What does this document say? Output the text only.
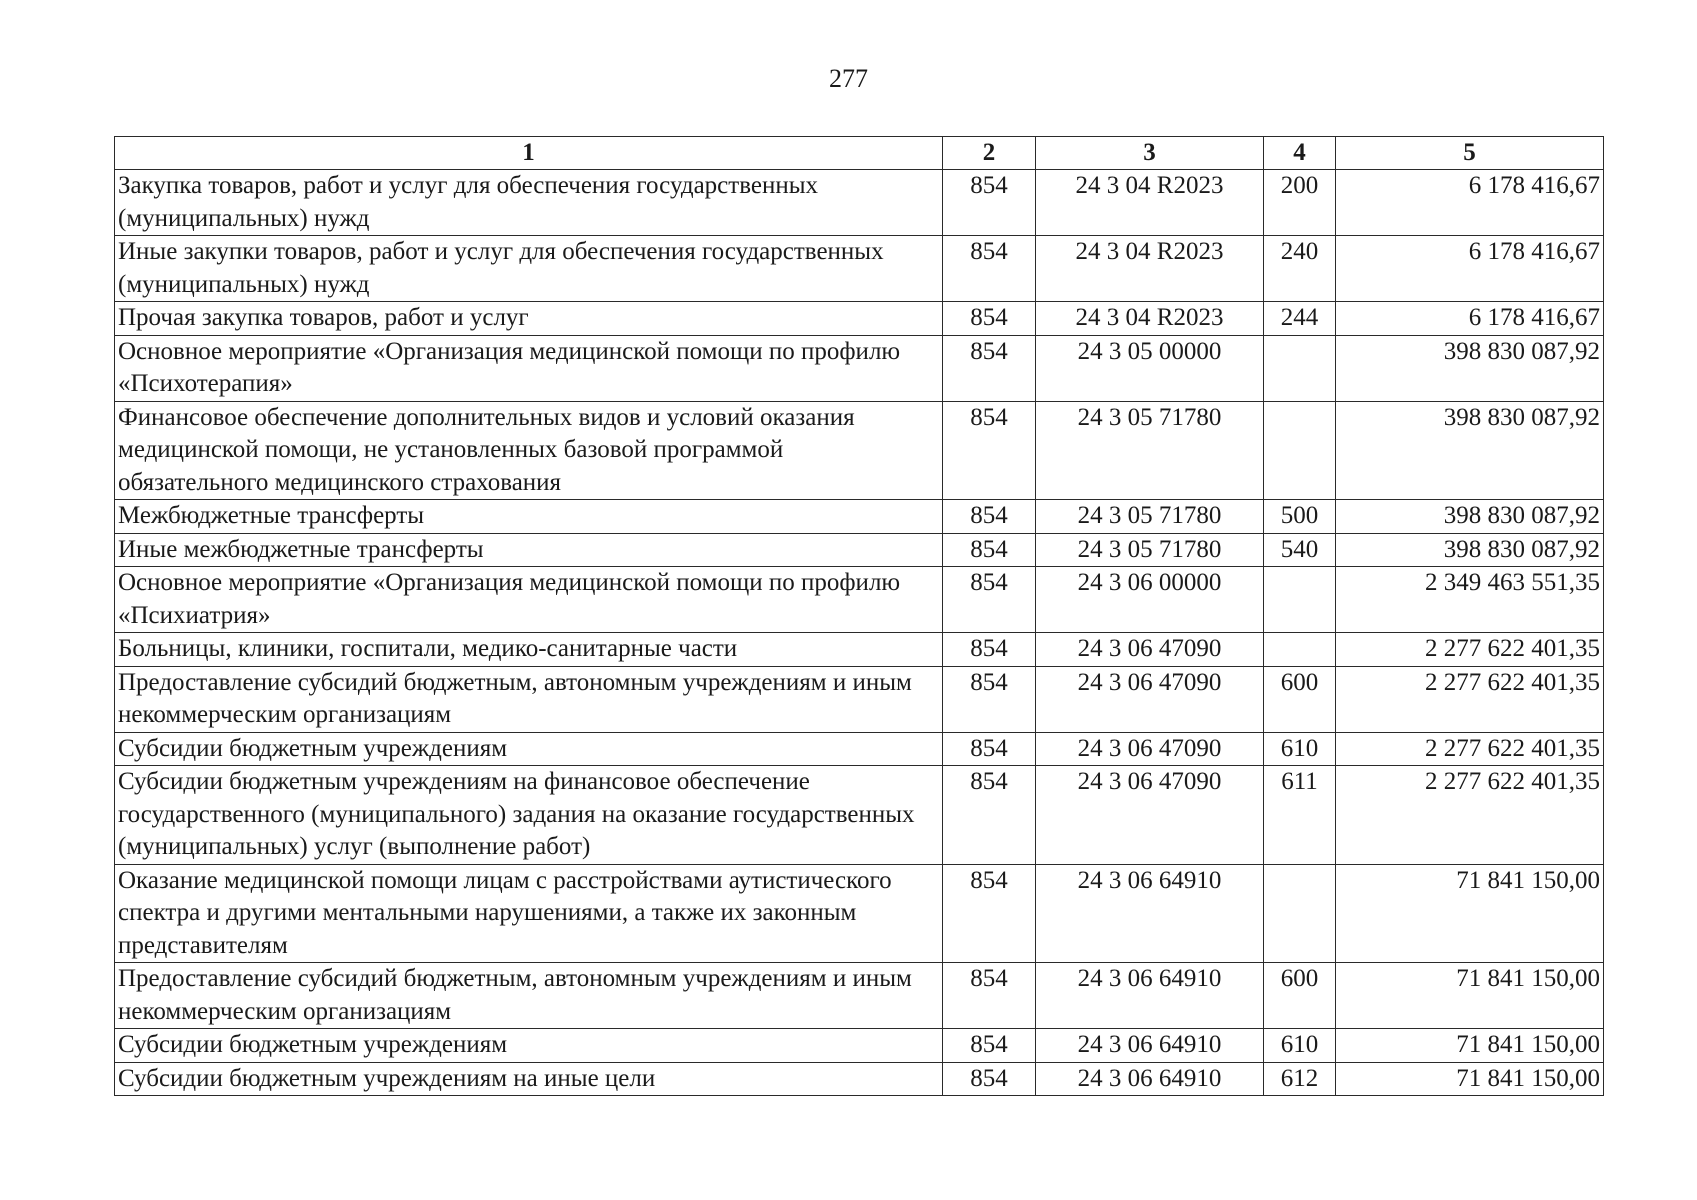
277
1	2	3	4	5
Закупка товаров, работ и услуг для обеспечения государственных (муниципальных) нужд	854	24 3 04 R2023	200	6 178 416,67
Иные закупки товаров, работ и услуг для обеспечения государственных (муниципальных) нужд	854	24 3 04 R2023	240	6 178 416,67
Прочая закупка товаров, работ и услуг	854	24 3 04 R2023	244	6 178 416,67
Основное мероприятие «Организация медицинской помощи по профилю «Психотерапия»	854	24 3 05 00000		398 830 087,92
Финансовое обеспечение дополнительных видов и условий оказания медицинской помощи, не установленных базовой программой обязательного медицинского страхования	854	24 3 05 71780		398 830 087,92
Межбюджетные трансферты	854	24 3 05 71780	500	398 830 087,92
Иные межбюджетные трансферты	854	24 3 05 71780	540	398 830 087,92
Основное мероприятие «Организация медицинской помощи по профилю «Психиатрия»	854	24 3 06 00000		2 349 463 551,35
Больницы, клиники, госпитали, медико-санитарные части	854	24 3 06 47090		2 277 622 401,35
Предоставление субсидий бюджетным, автономным учреждениям и иным некоммерческим организациям	854	24 3 06 47090	600	2 277 622 401,35
Субсидии бюджетным учреждениям	854	24 3 06 47090	610	2 277 622 401,35
Субсидии бюджетным учреждениям на финансовое обеспечение государственного (муниципального) задания на оказание государственных (муниципальных) услуг (выполнение работ)	854	24 3 06 47090	611	2 277 622 401,35
Оказание медицинской помощи лицам с расстройствами аутистического спектра и другими ментальными нарушениями, а также их законным представителям	854	24 3 06 64910		71 841 150,00
Предоставление субсидий бюджетным, автономным учреждениям и иным некоммерческим организациям	854	24 3 06 64910	600	71 841 150,00
Субсидии бюджетным учреждениям	854	24 3 06 64910	610	71 841 150,00
Субсидии бюджетным учреждениям на иные цели	854	24 3 06 64910	612	71 841 150,00
